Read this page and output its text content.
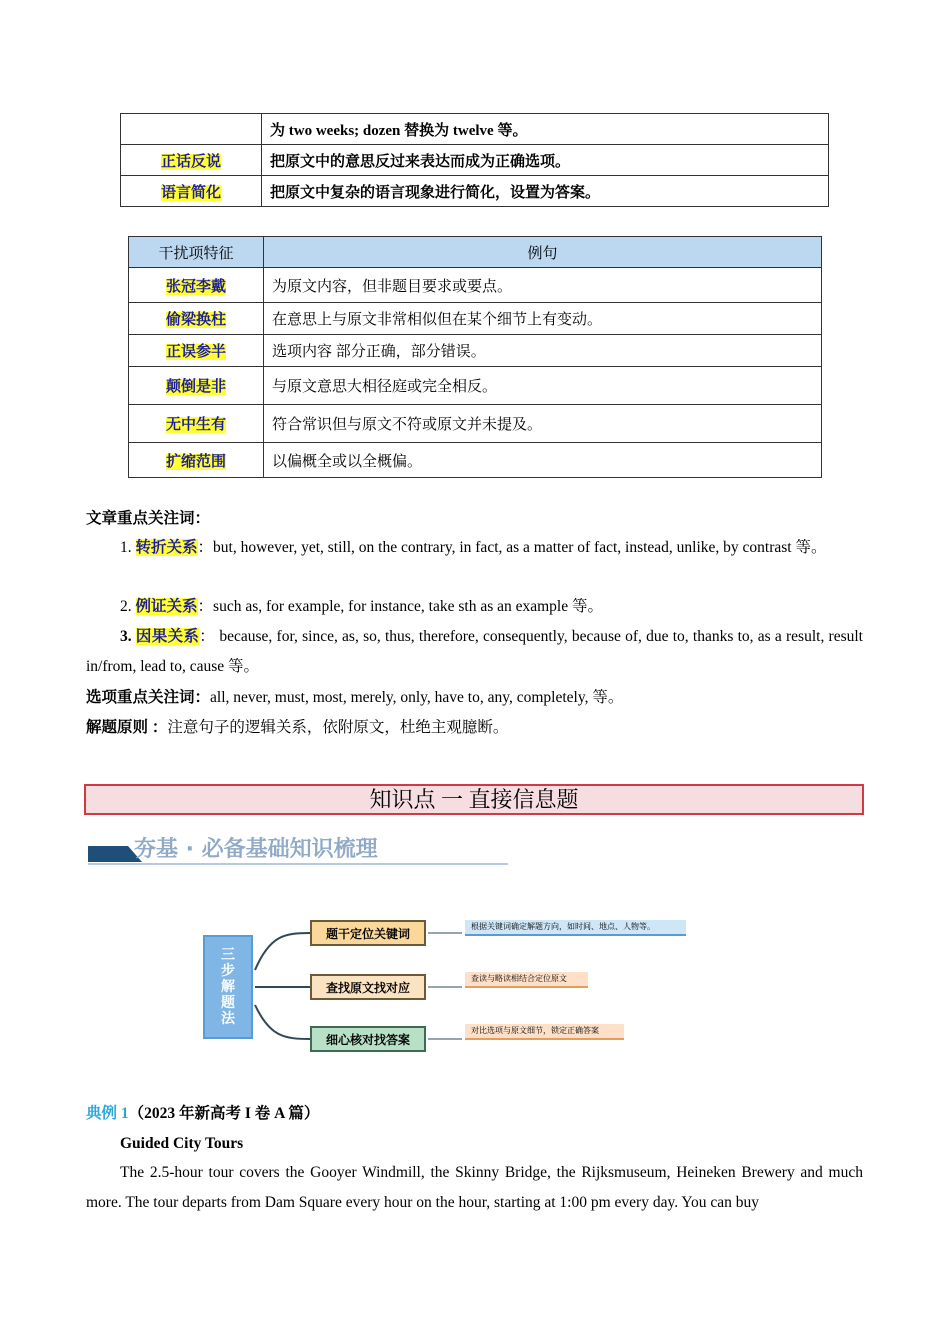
	为 two weeks; dozen 替换为 twelve 等。
正话反说	把原文中的意思反过来表达而成为正确选项。
语言简化	把原文中复杂的语言现象进行简化，设置为答案。
干扰项特征	例句
张冠李戴	为原文内容，但非题目要求或要点。
偷梁换柱	在意思上与原文非常相似但在某个细节上有变动。
正误参半	选项内容 部分正确，部分错误。
颠倒是非	与原文意思大相径庭或完全相反。
无中生有	符合常识但与原文不符或原文并未提及。
扩缩范围	以偏概全或以全概偏。
文章重点关注词：
1. 转折关系：but, however, yet, still, on the contrary, in fact, as a matter of fact, instead, unlike, by contrast 等。
2. 例证关系：such as, for example, for instance, take sth as an example 等。
3. 因果关系： because, for, since, as, so, thus, therefore, consequently, because of, due to, thanks to, as a result, result in/from, lead to, cause 等。
选项重点关注词：all, never, must, most, merely, only, have to, any, completely, 等。
解题原则 ：注意句子的逻辑关系，依附原文，杜绝主观臆断。
知识点 一 直接信息题
夯基 · 必备基础知识梳理
三步解题法
题干定位关键词
查找原文找对应
细心核对找答案
根据关键词确定解题方向，如时间、地点、人物等。
查读与略读相结合定位原文
对比选项与原文细节，锁定正确答案
典例 1（2023 年新高考 I 卷 A 篇）
Guided City Tours
The 2.5-hour tour covers the Gooyer Windmill, the Skinny Bridge, the Rijksmuseum, Heineken Brewery and much more. The tour departs from Dam Square every hour on the hour, starting at 1:00 pm every day. You can buy
